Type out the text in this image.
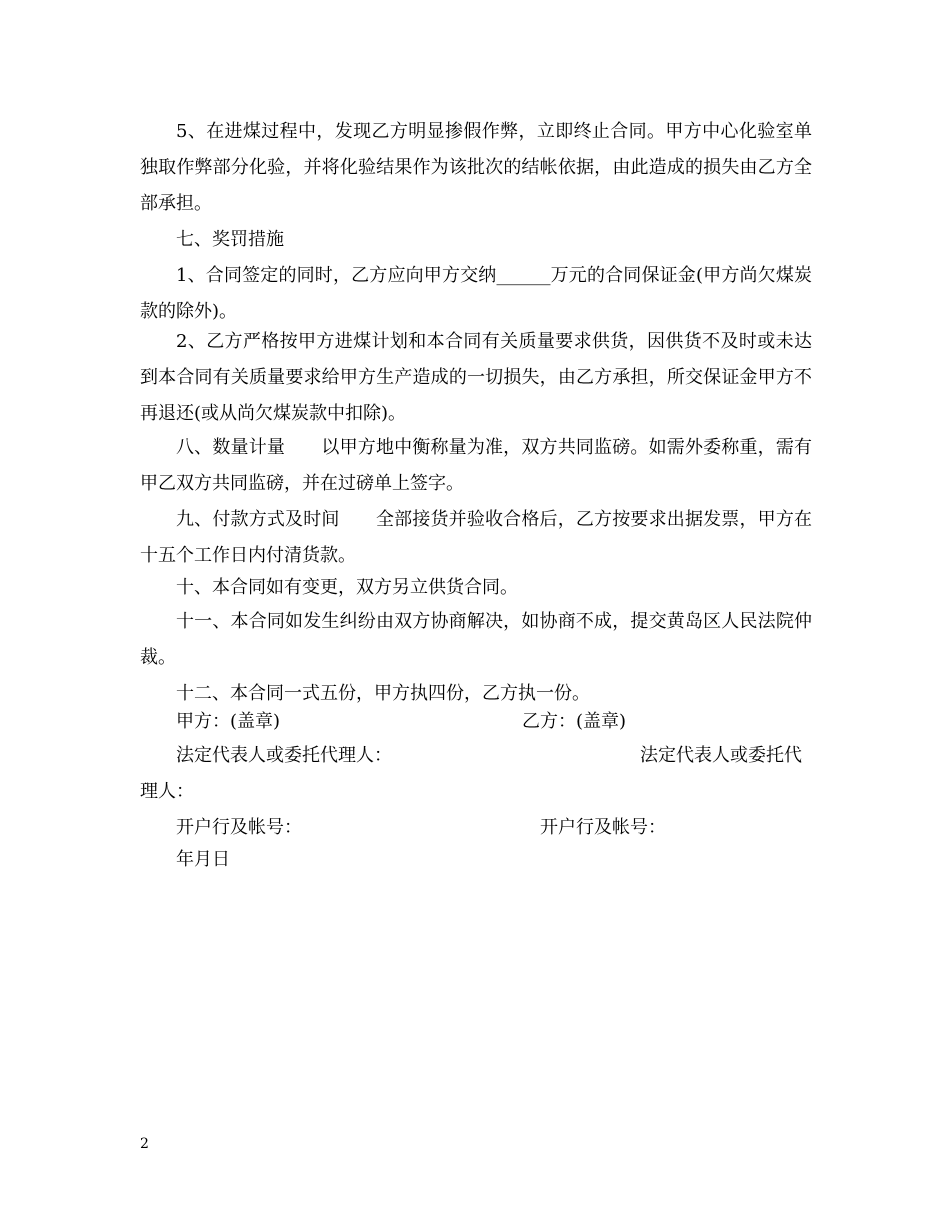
5、在进煤过程中，发现乙方明显掺假作弊，立即终止合同。甲方中心化验室单独取作弊部分化验，并将化验结果作为该批次的结帐依据，由此造成的损失由乙方全部承担。
七、奖罚措施
1、合同签定的同时，乙方应向甲方交纳______万元的合同保证金(甲方尚欠煤炭款的除外)。
2、乙方严格按甲方进煤计划和本合同有关质量要求供货，因供货不及时或未达到本合同有关质量要求给甲方生产造成的一切损失，由乙方承担，所交保证金甲方不再退还(或从尚欠煤炭款中扣除)。
八、数量计量　　以甲方地中衡称量为准，双方共同监磅。如需外委称重，需有甲乙双方共同监磅，并在过磅单上签字。
九、付款方式及时间　　全部接货并验收合格后，乙方按要求出据发票，甲方在十五个工作日内付清货款。
十、本合同如有变更，双方另立供货合同。
十一、本合同如发生纠纷由双方协商解决，如协商不成，提交黄岛区人民法院仲裁。
十二、本合同一式五份，甲方执四份，乙方执一份。
甲方：(盖章)	乙方：(盖章)
法定代表人或委托代理人：	法定代表人或委托代
理人：
开户行及帐号：	开户行及帐号：
年月日
2
